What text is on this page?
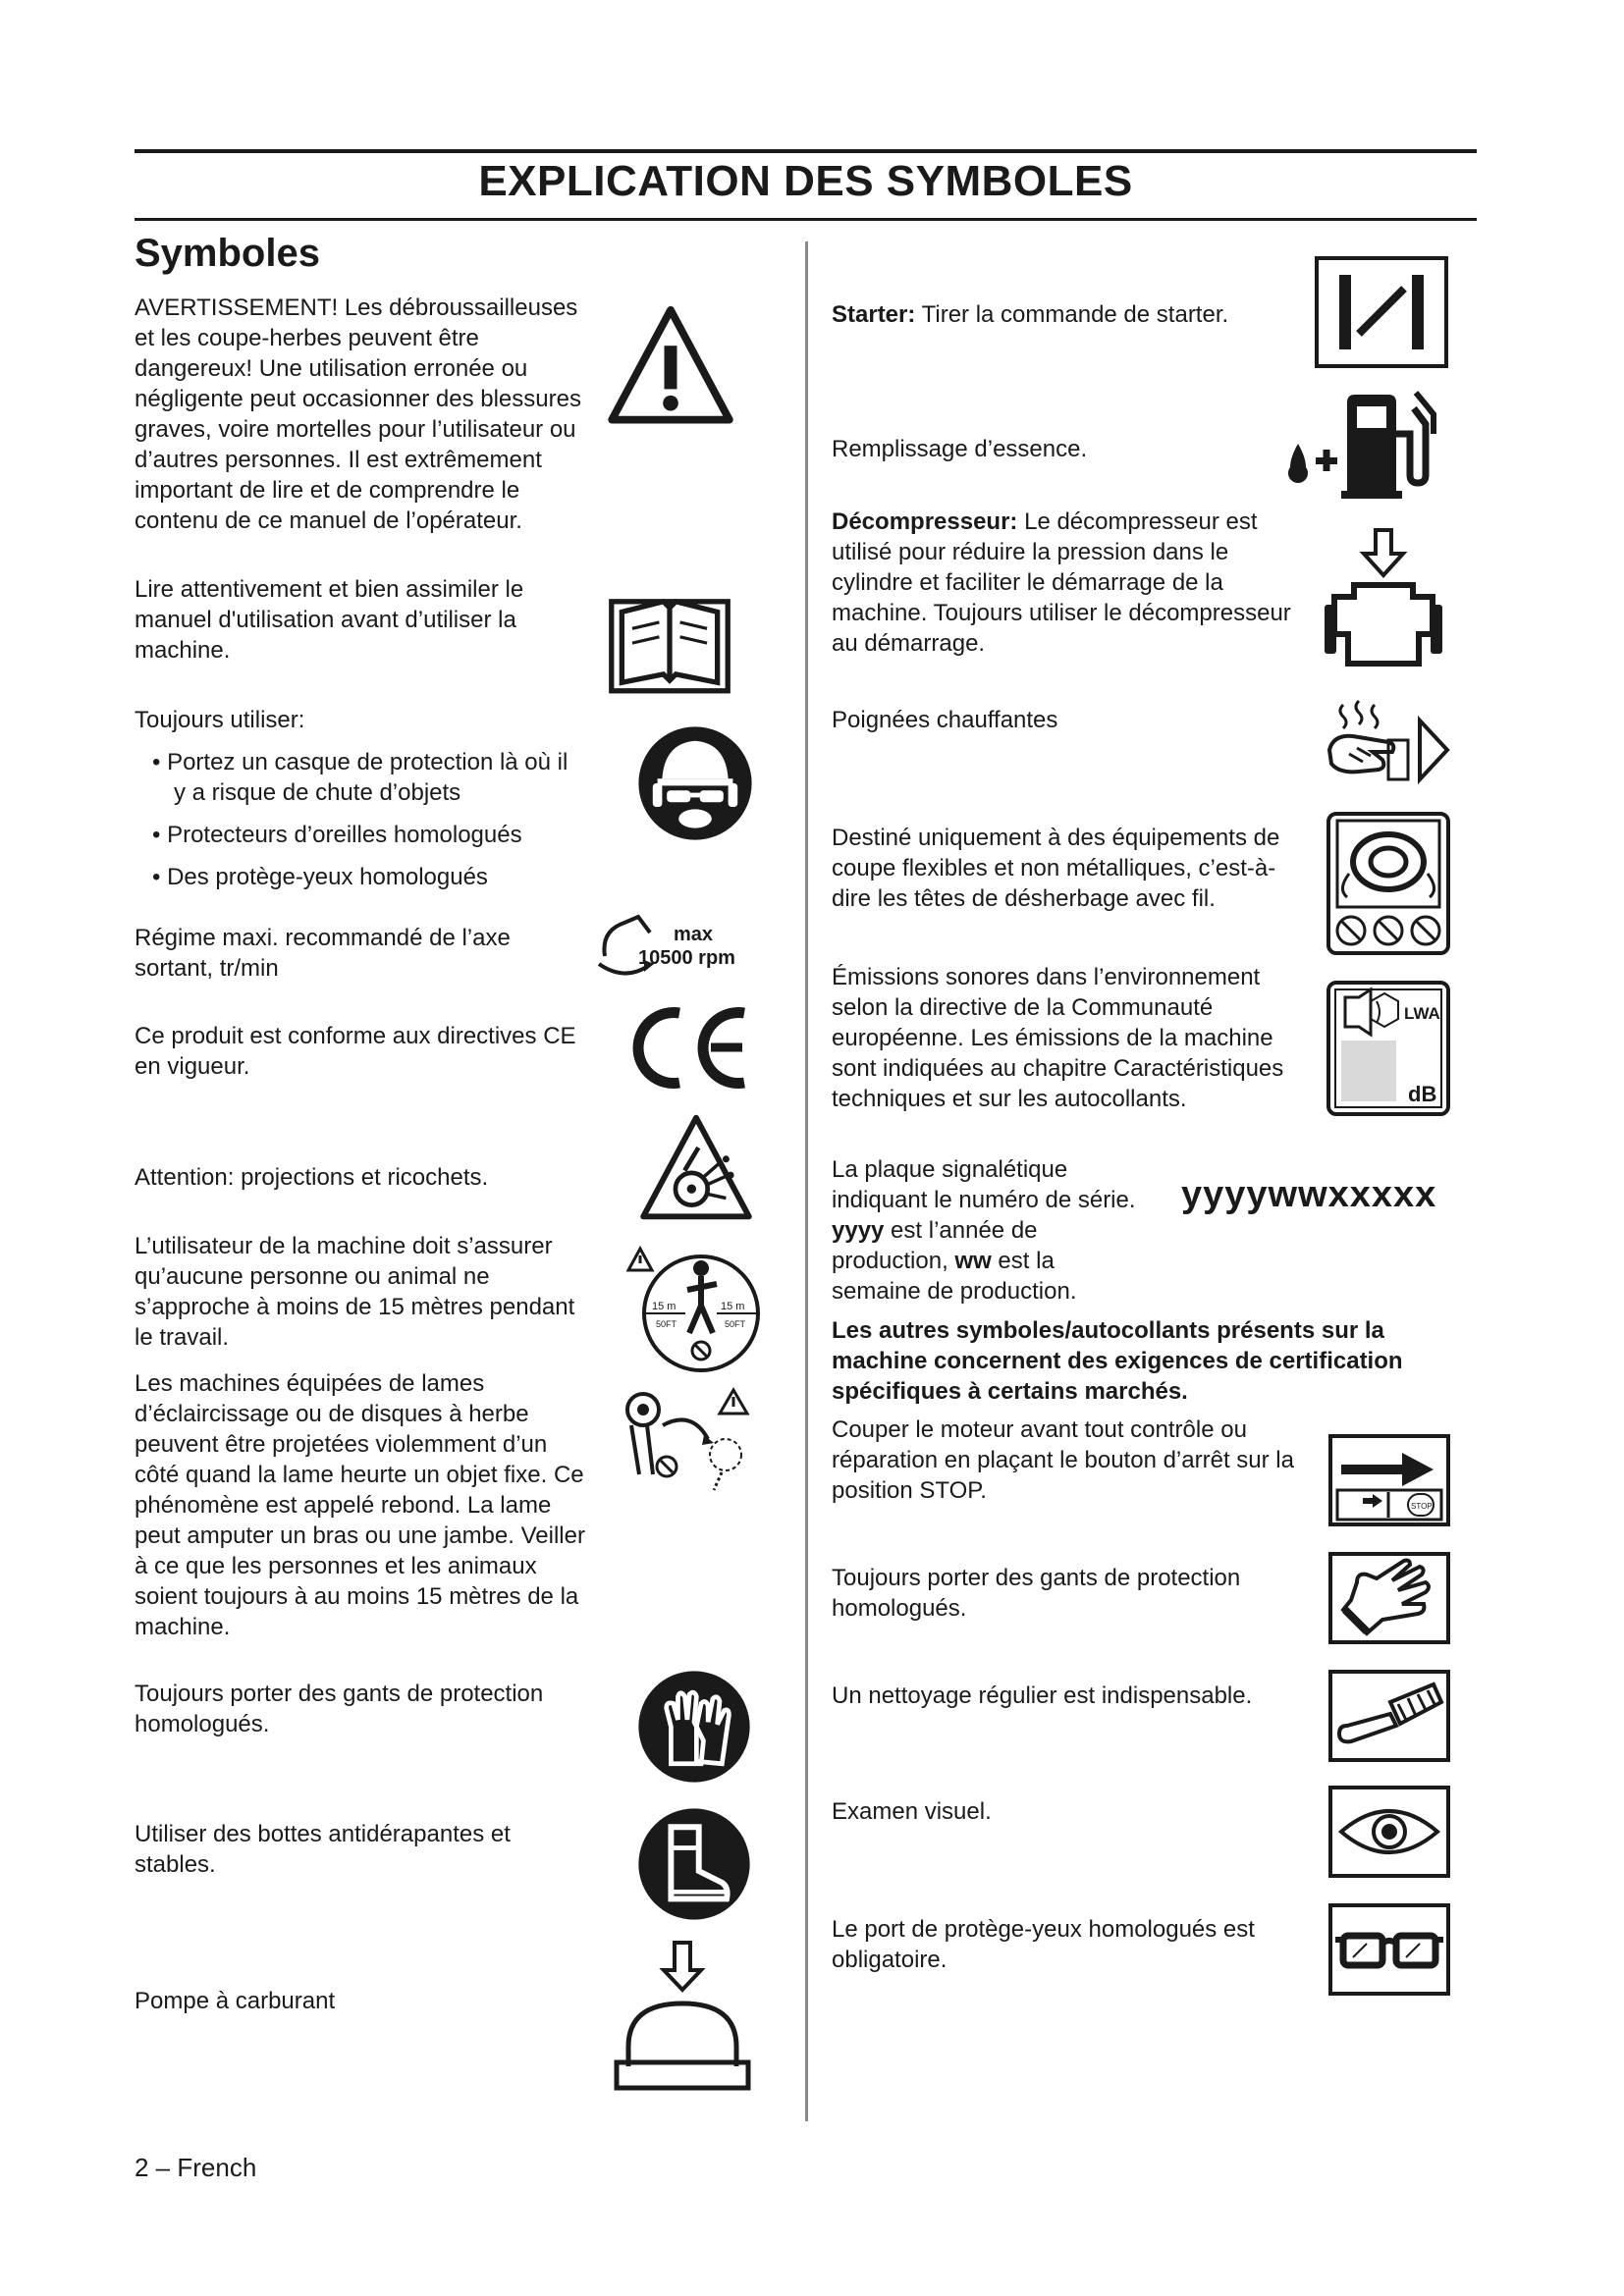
EXPLICATION DES SYMBOLES
Symboles
AVERTISSEMENT! Les débroussailleuses et les coupe-herbes peuvent être dangereux! Une utilisation erronée ou négligente peut occasionner des blessures graves, voire mortelles pour l’utilisateur ou d’autres personnes. Il est extrêmement important de lire et de comprendre le contenu de ce manuel de l’opérateur.
Lire attentivement et bien assimiler le manuel d'utilisation avant d’utiliser la machine.

Toujours utiliser:

• Portez un casque de protection là où il y a risque de chute d’objets

• Protecteurs d’oreilles homologués

• Des protège-yeux homologués

Régime maxi. recommandé de l’axe sortant, tr/min
max
10500 rpm
Ce produit est conforme aux directives CE en vigueur.
Attention: projections et ricochets.
L’utilisateur de la machine doit s’assurer qu’aucune personne ou animal ne s’approche à moins de 15 mètres pendant le travail.
15 m	15 m
50FT	50FT
Les machines équipées de lames d’éclaircissage ou de disques à herbe peuvent être projetées violemment d’un côté quand la lame heurte un objet fixe. Ce phénomène est appelé rebond. La lame peut amputer un bras ou une jambe. Veiller à ce que les personnes et les animaux soient toujours à au moins 15 mètres de la machine.
Toujours porter des gants de protection homologués.
Utiliser des bottes antidérapantes et stables.
Pompe à carburant
Starter: Tirer la commande de starter.
Remplissage d’essence.
Décompresseur: Le décompresseur est utilisé pour réduire la pression dans le cylindre et faciliter le démarrage de la machine. Toujours utiliser le décompresseur au démarrage.
Poignées chauffantes
Destiné uniquement à des équipements de coupe flexibles et non métalliques, c’est-à-dire les têtes de désherbage avec fil.
Émissions sonores dans l’environnement selon la directive de la Communauté européenne. Les émissions de la machine sont indiquées au chapitre Caractéristiques techniques et sur les autocollants.
LWA
dB
La plaque signalétique indiquant le numéro de série. yyyy est l’année de production, ww est la semaine de production.
yyyywwxxxxx
Les autres symboles/autocollants présents sur la machine concernent des exigences de certification spécifiques à certains marchés.
Couper le moteur avant tout contrôle ou réparation en plaçant le bouton d’arrêt sur la position STOP.
STOP
Toujours porter des gants de protection homologués.
Un nettoyage régulier est indispensable.
Examen visuel.
Le port de protège-yeux homologués est obligatoire.
2 – French
